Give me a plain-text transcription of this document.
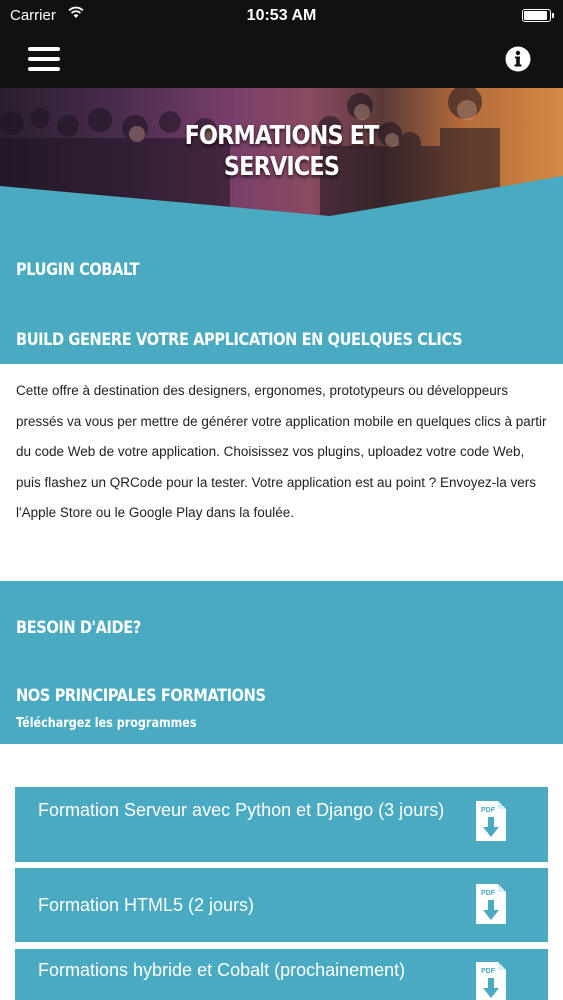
Carrier	10:53 AM
FORMATIONS ET
SERVICES
PLUGIN COBALT
BUILD GENERE VOTRE APPLICATION EN QUELQUES CLICS

Cette offre à destination des designers, ergonomes, prototypeurs ou développeurs pressés va vous per mettre de générer votre application mobile en quelques clics à partir du code Web de votre application. Choisissez vos plugins, uploadez votre code Web, puis flashez un QRCode pour la tester. Votre application est au point ? Envoyez-la vers l'Apple Store ou le Google Play dans la foulée.

BESOIN D'AIDE?
NOS PRINCIPALES FORMATIONS
Téléchargez les programmes
Formation Serveur avec Python et Django (3 jours)	PDF
Formation HTML5 (2 jours)
PDF
Formations hybride et Cobalt (prochainement)	PDF
